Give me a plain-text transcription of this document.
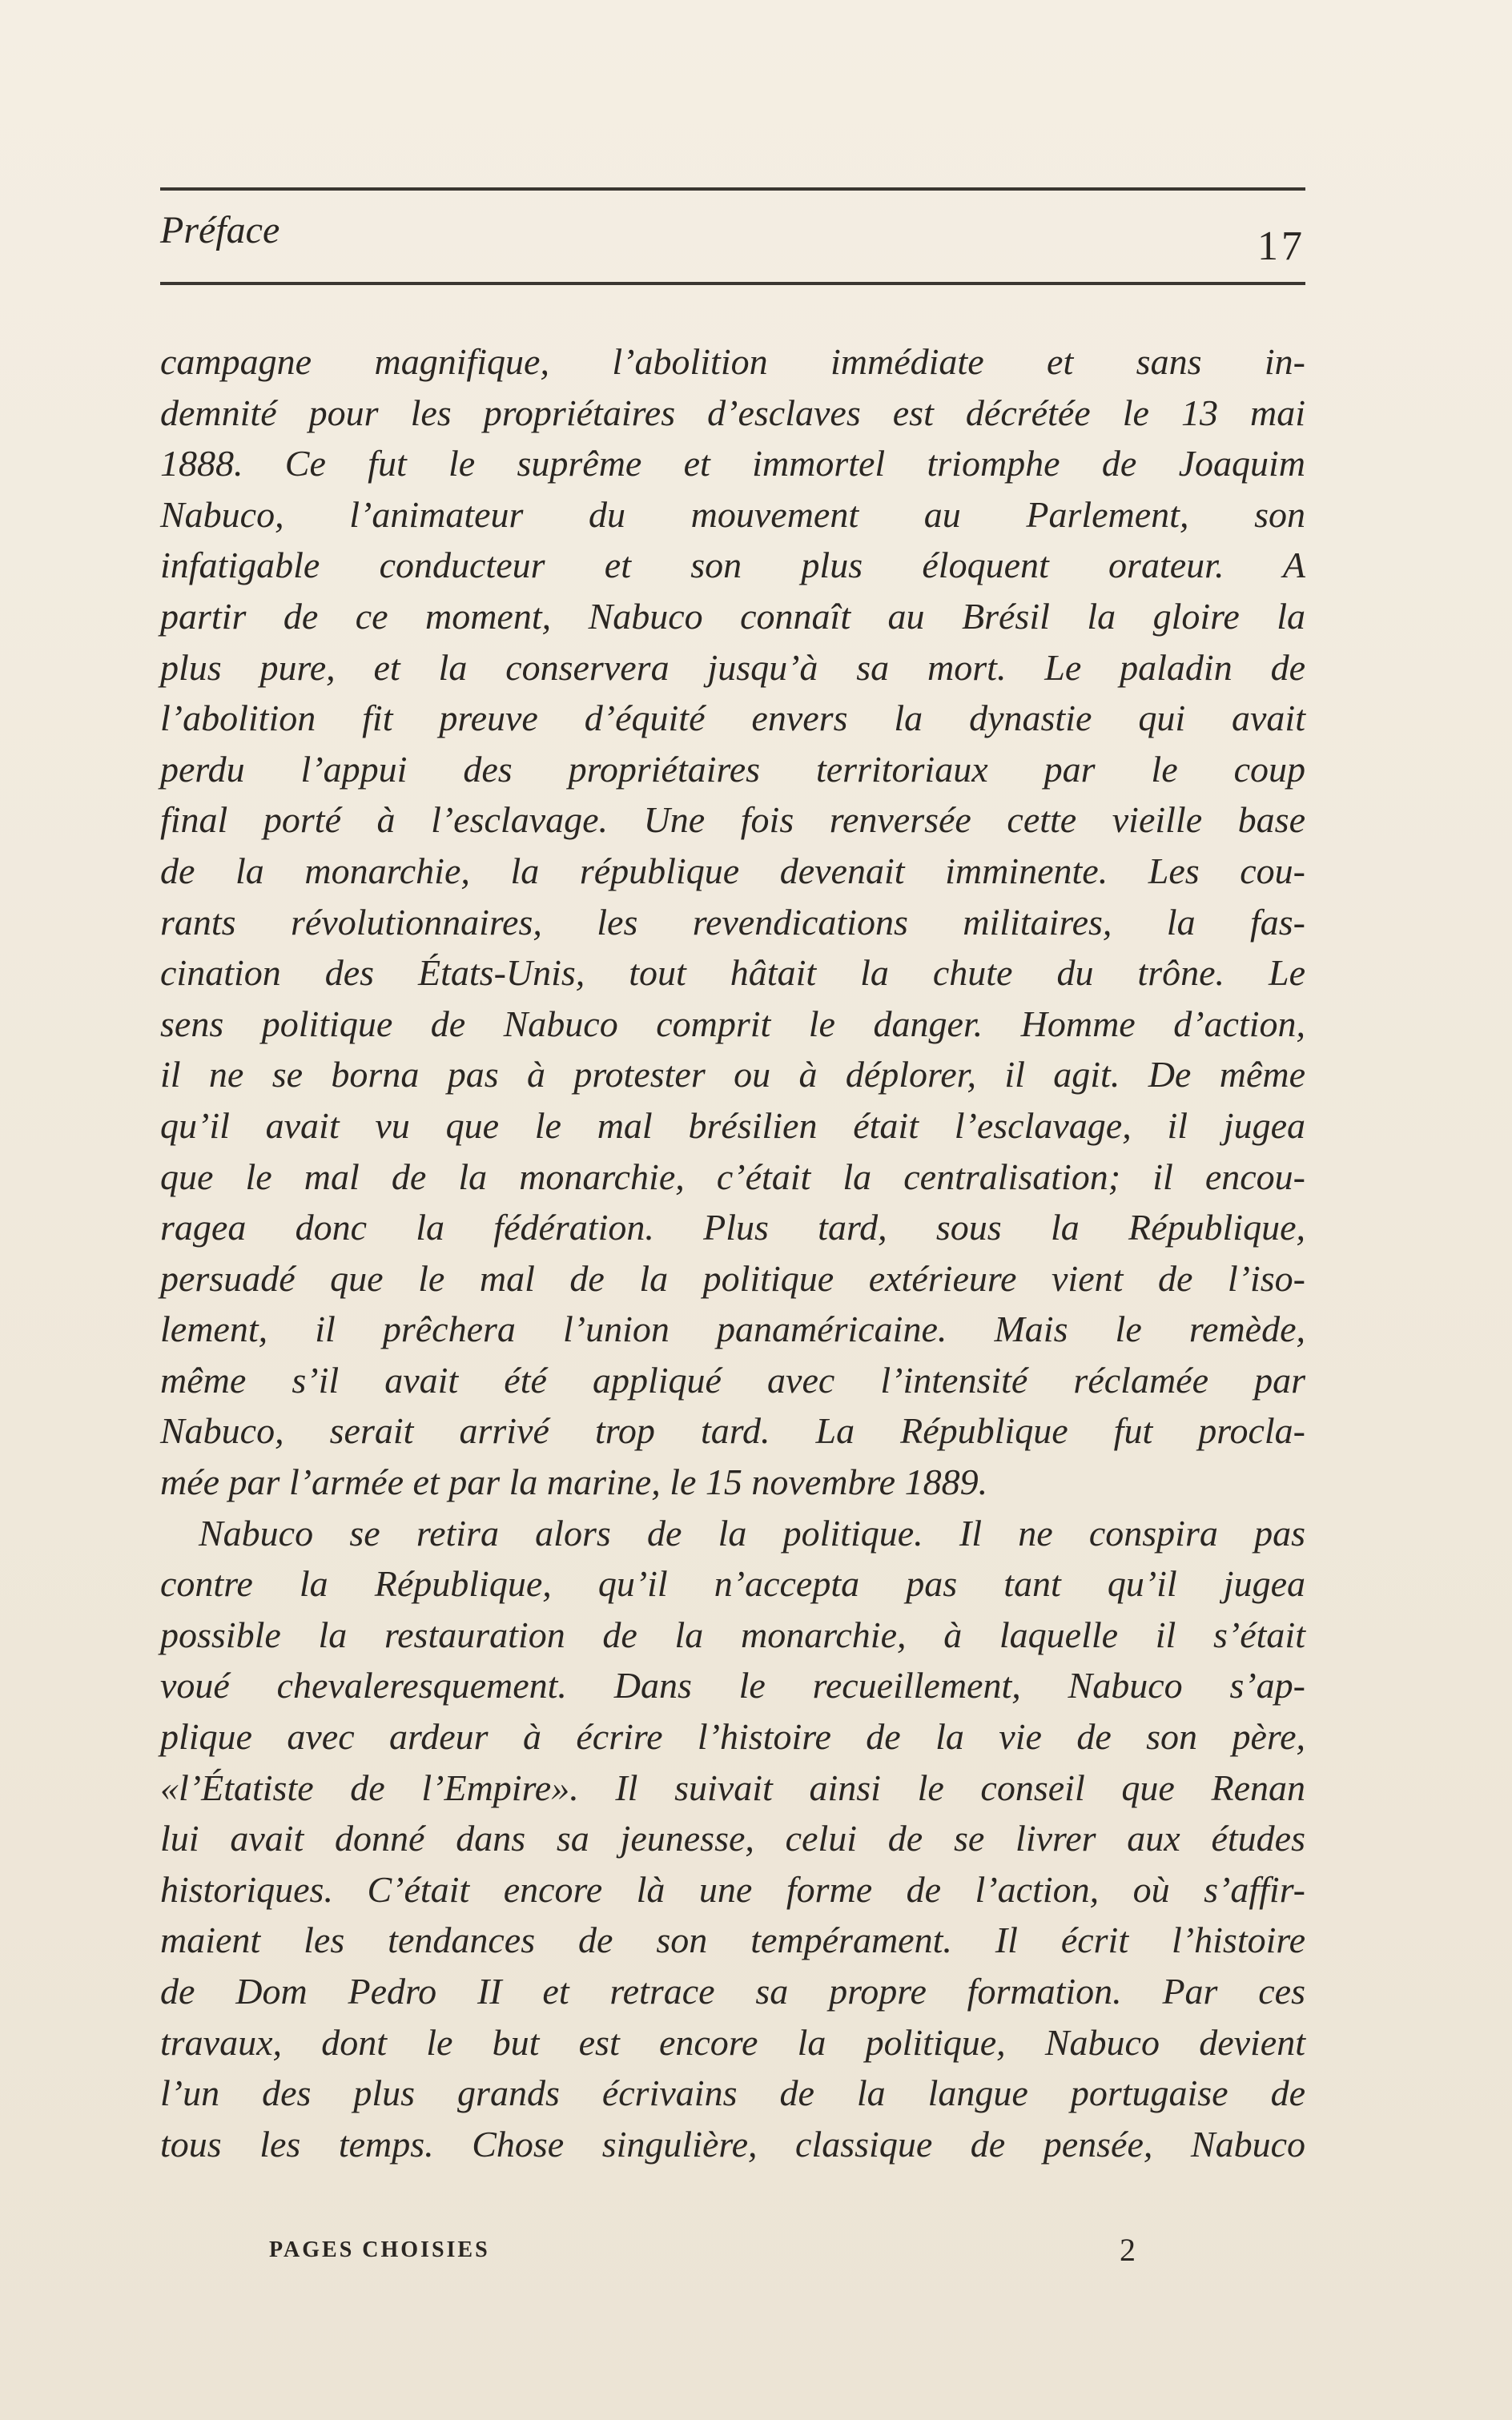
Préface	17
campagne magnifique, l’abolition immédiate et sans in-
demnité pour les propriétaires d’esclaves est décrétée le 13 mai
1888. Ce fut le suprême et immortel triomphe de Joaquim
Nabuco, l’animateur du mouvement au Parlement, son
infatigable conducteur et son plus éloquent orateur. A
partir de ce moment, Nabuco connaît au Brésil la gloire la
plus pure, et la conservera jusqu’à sa mort. Le paladin de
l’abolition fit preuve d’équité envers la dynastie qui avait
perdu l’appui des propriétaires territoriaux par le coup
final porté à l’esclavage. Une fois renversée cette vieille base
de la monarchie, la république devenait imminente. Les cou-
rants révolutionnaires, les revendications militaires, la fas-
cination des États-Unis, tout hâtait la chute du trône. Le
sens politique de Nabuco comprit le danger. Homme d’action,
il ne se borna pas à protester ou à déplorer, il agit. De même
qu’il avait vu que le mal brésilien était l’esclavage, il jugea
que le mal de la monarchie, c’était la centralisation; il encou-
ragea donc la fédération. Plus tard, sous la République,
persuadé que le mal de la politique extérieure vient de l’iso-
lement, il prêchera l’union panaméricaine. Mais le remède,
même s’il avait été appliqué avec l’intensité réclamée par
Nabuco, serait arrivé trop tard. La République fut procla-
mée par l’armée et par la marine, le 15 novembre 1889.
Nabuco se retira alors de la politique. Il ne conspira pas
contre la République, qu’il n’accepta pas tant qu’il jugea
possible la restauration de la monarchie, à laquelle il s’était
voué chevaleresquement. Dans le recueillement, Nabuco s’ap-
plique avec ardeur à écrire l’histoire de la vie de son père,
«l’Étatiste de l’Empire». Il suivait ainsi le conseil que Renan
lui avait donné dans sa jeunesse, celui de se livrer aux études
historiques. C’était encore là une forme de l’action, où s’affir-
maient les tendances de son tempérament. Il écrit l’histoire
de Dom Pedro II et retrace sa propre formation. Par ces
travaux, dont le but est encore la politique, Nabuco devient
l’un des plus grands écrivains de la langue portugaise de
tous les temps. Chose singulière, classique de pensée, Nabuco
PAGES CHOISIES	2
